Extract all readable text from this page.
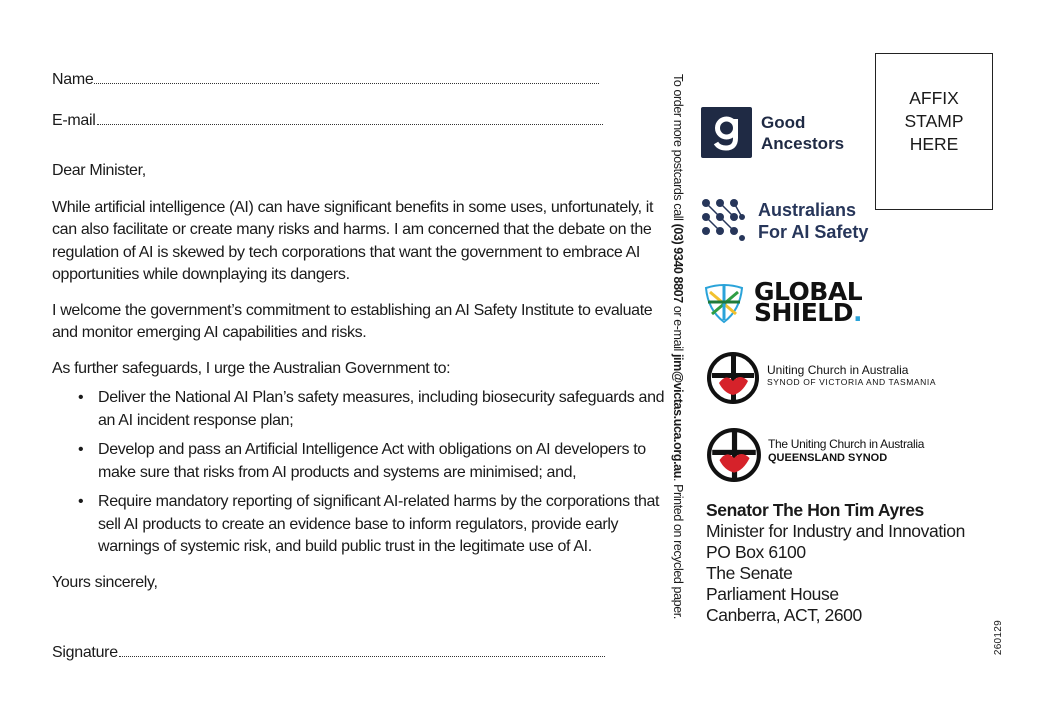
Name
E-mail

Dear Minister,

While artificial intelligence (AI) can have significant benefits in some uses, unfortunately, it can also facilitate or create many risks and harms. I am concerned that the debate on the regulation of AI is skewed by tech corporations that want the government to embrace AI opportunities while downplaying its dangers.

I welcome the government’s commitment to establishing an AI Safety Institute to evaluate and monitor emerging AI capabilities and risks.

As further safeguards, I urge the Australian Government to:

• Deliver the National AI Plan’s safety measures, including biosecurity safeguards and an AI incident response plan;
• Develop and pass an Artificial Intelligence Act with obligations on AI developers to make sure that risks from AI products and systems are minimised; and,
• Require mandatory reporting of significant AI-related harms by the corporations that sell AI products to create an evidence base to inform regulators, provide early warnings of systemic risk, and build public trust in the legitimate use of AI.
Yours sincerely,
Signature
To order more postcards call (03) 9340 8807 or e-mail jim@victas.uca.org.au. Printed on recycled paper.
AFFIX
STAMP
HERE
Good
Ancestors
Australians
For AI Safety
GLOBAL
SHIELD.
Uniting Church in Australia
SYNOD OF VICTORIA AND TASMANIA
The Uniting Church in Australia
QUEENSLAND SYNOD
Senator The Hon Tim Ayres
Minister for Industry and Innovation
PO Box 6100
The Senate
Parliament House
Canberra, ACT, 2600
260129
